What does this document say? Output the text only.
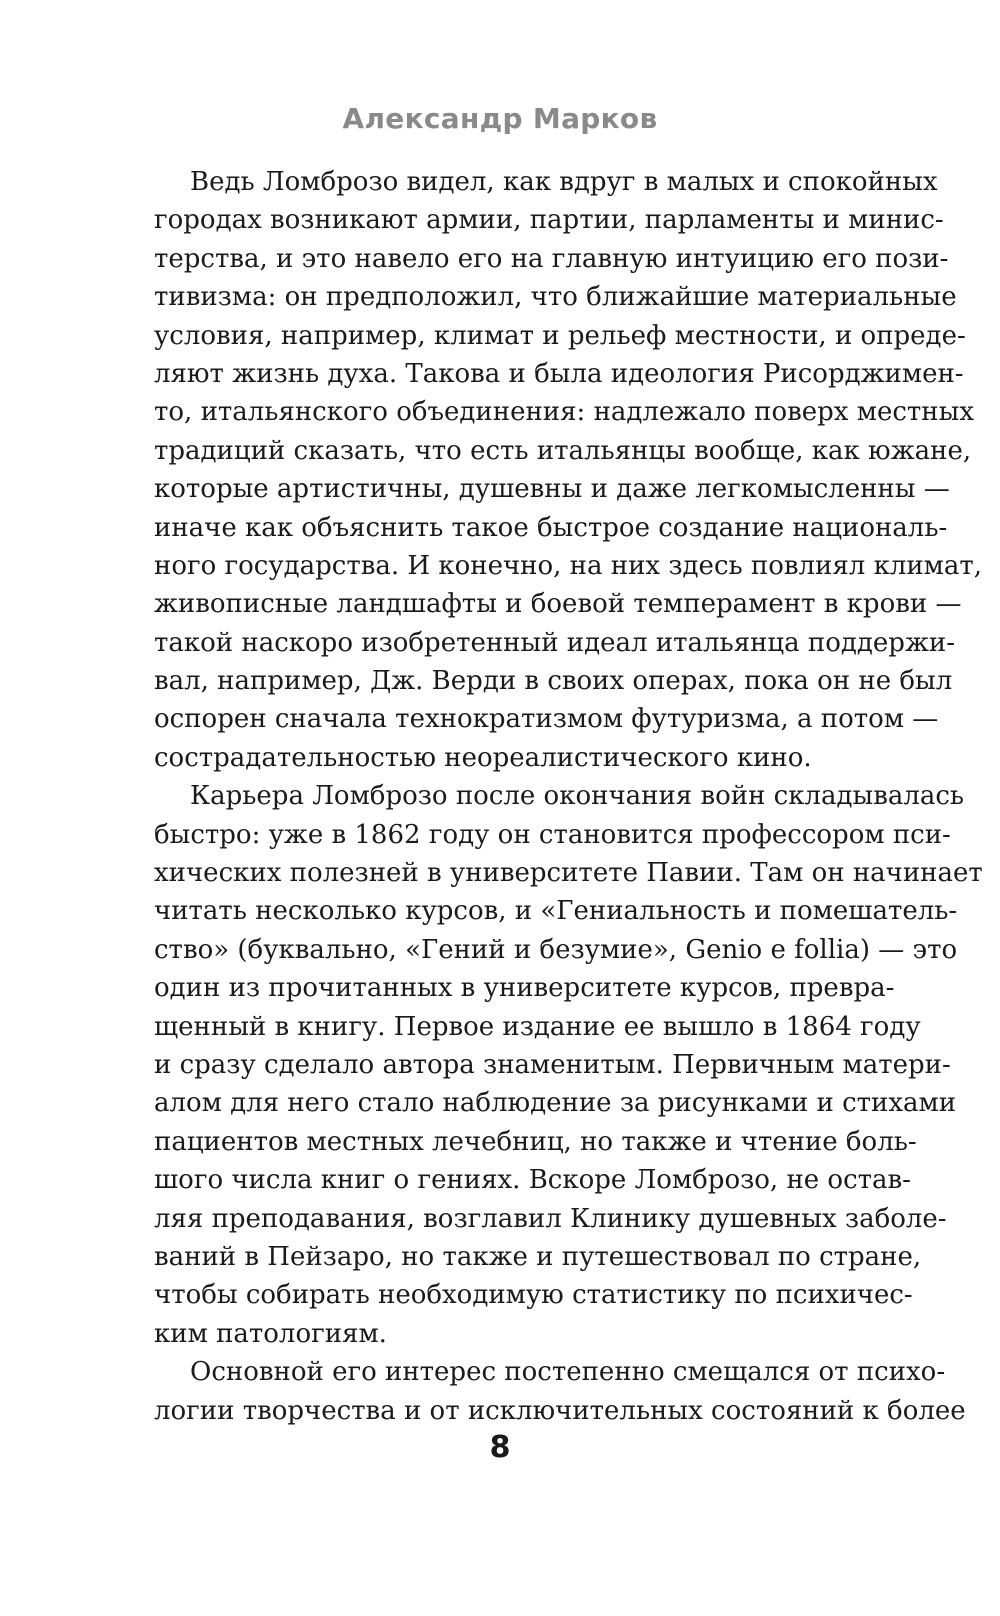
Александр Марков
Ведь Ломброзо видел, как вдруг в малых и спокойных
городах возникают армии, партии, парламенты и минис-
терства, и это навело его на главную интуицию его пози-
тивизма: он предположил, что ближайшие материальные
условия, например, климат и рельеф местности, и опреде-
ляют жизнь духа. Такова и была идеология Рисорджимен-
то, итальянского объединения: надлежало поверх местных
традиций сказать, что есть итальянцы вообще, как южане,
которые артистичны, душевны и даже легкомысленны —
иначе как объяснить такое быстрое создание националь-
ного государства. И конечно, на них здесь повлиял климат,
живописные ландшафты и боевой темперамент в крови —
такой наскоро изобретенный идеал итальянца поддержи-
вал, например, Дж. Верди в своих операх, пока он не был
оспорен сначала технократизмом футуризма, а потом —
сострадательностью неореалистического кино.
Карьера Ломброзо после окончания войн складывалась
быстро: уже в 1862 году он становится профессором пси-
хических полезней в университете Павии. Там он начинает
читать несколько курсов, и «Гениальность и помешатель-
ство» (буквально, «Гений и безумие», Genio e follia) — это
один из прочитанных в университете курсов, превра-
щенный в книгу. Первое издание ее вышло в 1864 году
и сразу сделало автора знаменитым. Первичным матери-
алом для него стало наблюдение за рисунками и стихами
пациентов местных лечебниц, но также и чтение боль-
шого числа книг о гениях. Вскоре Ломброзо, не остав-
ляя преподавания, возглавил Клинику душевных заболе-
ваний в Пейзаро, но также и путешествовал по стране,
чтобы собирать необходимую статистику по психичес-
ким патологиям.
Основной его интерес постепенно смещался от психо-
логии творчества и от исключительных состояний к более
8
